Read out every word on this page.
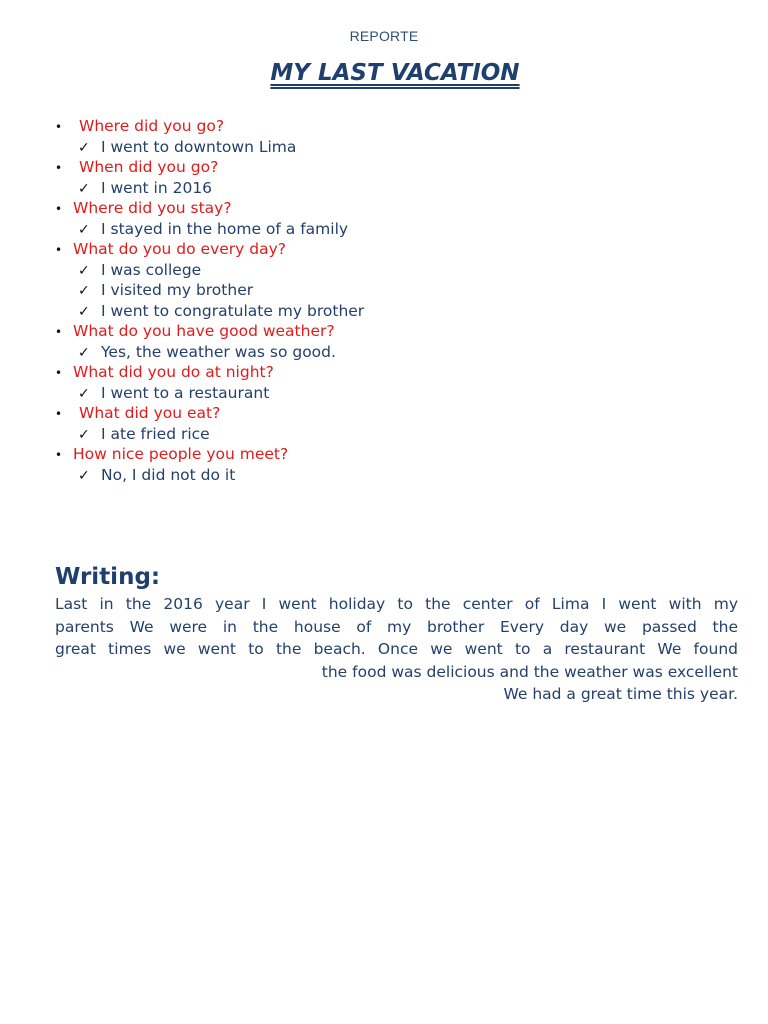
REPORTE
MY LAST VACATION
•	Where did you go?
✓ I went to downtown Lima
•	When did you go?
✓ I went in 2016
• Where did you stay?
✓ I stayed in the home of a family
• What do you do every day?
✓ I was college
✓ I visited my brother
✓ I went to congratulate my brother
• What do you have good weather?
✓ Yes, the weather was so good.
• What did you do at night?
✓ I went to a restaurant
•	What did you eat?
✓ I ate fried rice
• How nice people you meet?
✓ No, I did not do it
Writing:
Last in the 2016 year I went holiday to the center of Lima I went with my
parents We were in the house of my brother Every day we passed the
great times we went to the beach. Once we went to a restaurant We found
the food was delicious and the weather was excellent
We had a great time this year.
